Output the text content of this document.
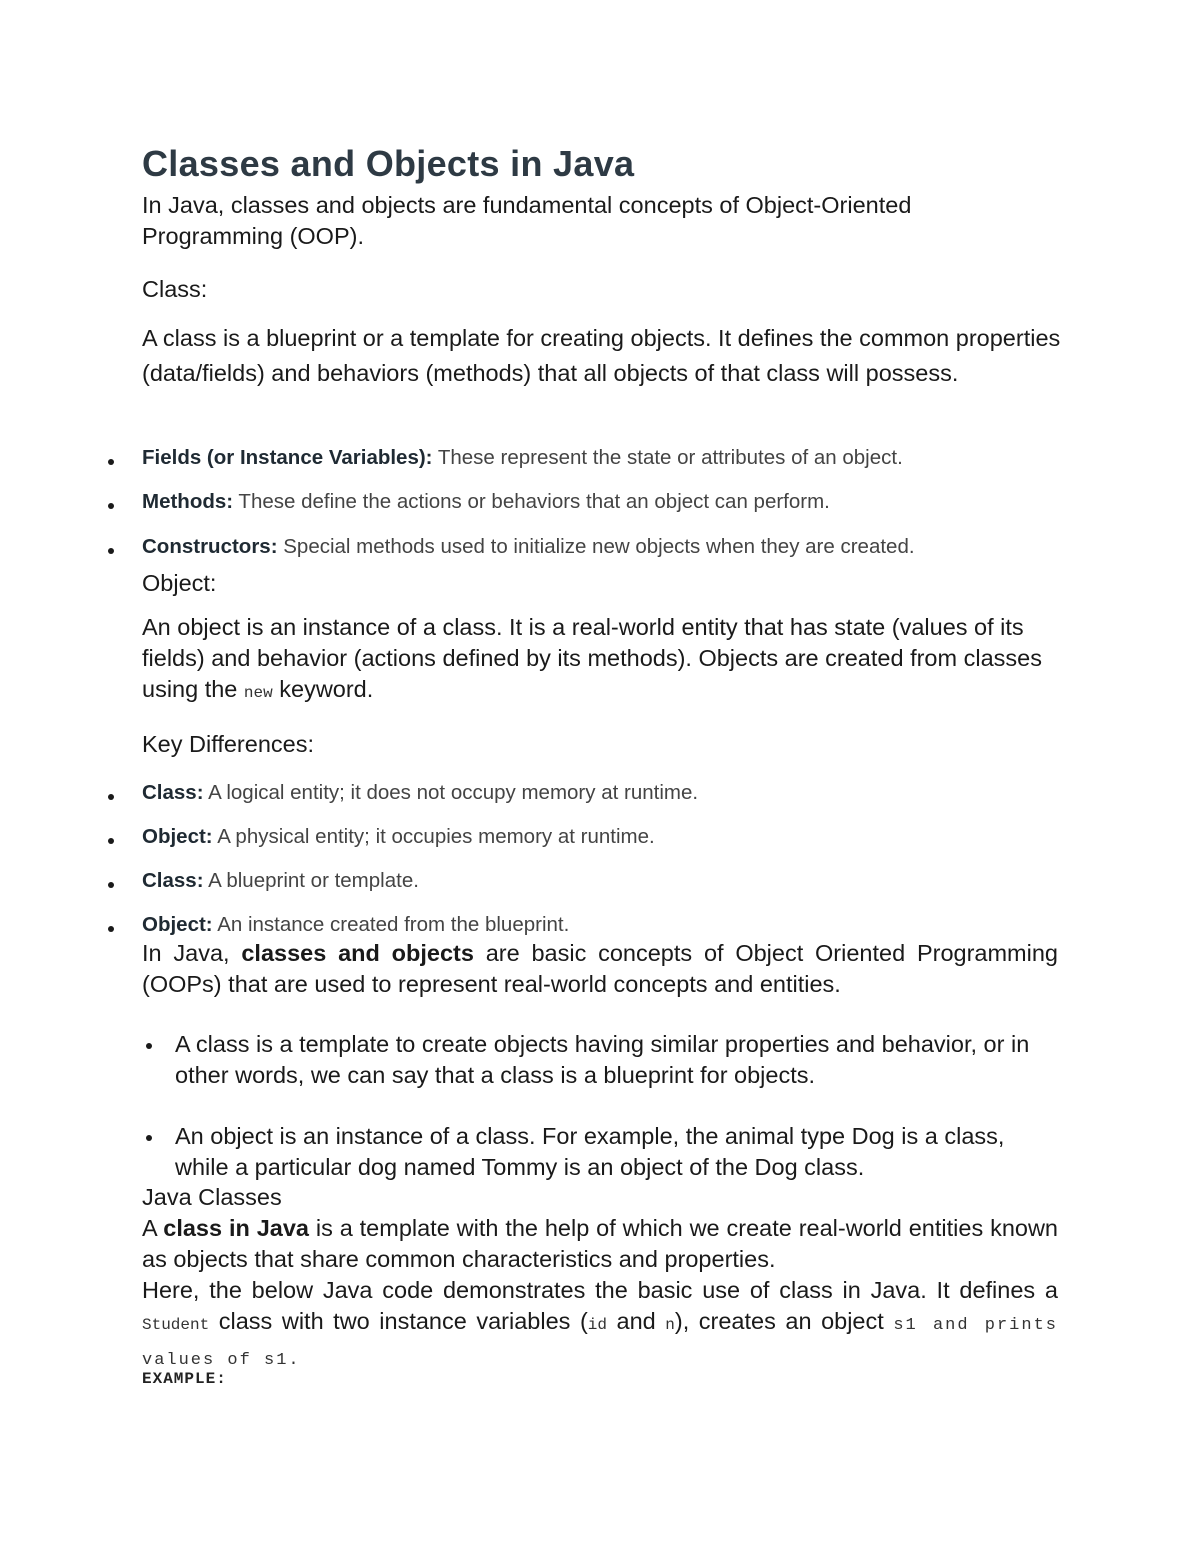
Classes and Objects in Java

In Java, classes and objects are fundamental concepts of Object-Oriented Programming (OOP).

Class:

A class is a blueprint or a template for creating objects. It defines the common properties (data/fields) and behaviors (methods) that all objects of that class will possess.

Fields (or Instance Variables): These represent the state or attributes of an object.

Methods: These define the actions or behaviors that an object can perform.

Constructors: Special methods used to initialize new objects when they are created.

Object:

An object is an instance of a class. It is a real-world entity that has state (values of its fields) and behavior (actions defined by its methods). Objects are created from classes using the new keyword.

Key Differences:

Class: A logical entity; it does not occupy memory at runtime.

Object: A physical entity; it occupies memory at runtime.

Class: A blueprint or template.

Object: An instance created from the blueprint.

In Java, classes and objects are basic concepts of Object Oriented Programming (OOPs) that are used to represent real-world concepts and entities.

A class is a template to create objects having similar properties and behavior, or in other words, we can say that a class is a blueprint for objects.

An object is an instance of a class. For example, the animal type Dog is a class, while a particular dog named Tommy is an object of the Dog class.

Java Classes

A class in Java is a template with the help of which we create real-world entities known as objects that share common characteristics and properties.

Here, the below Java code demonstrates the basic use of class in Java. It defines a Student class with two instance variables (id and n), creates an object s1 and prints values of s1.

EXAMPLE:
